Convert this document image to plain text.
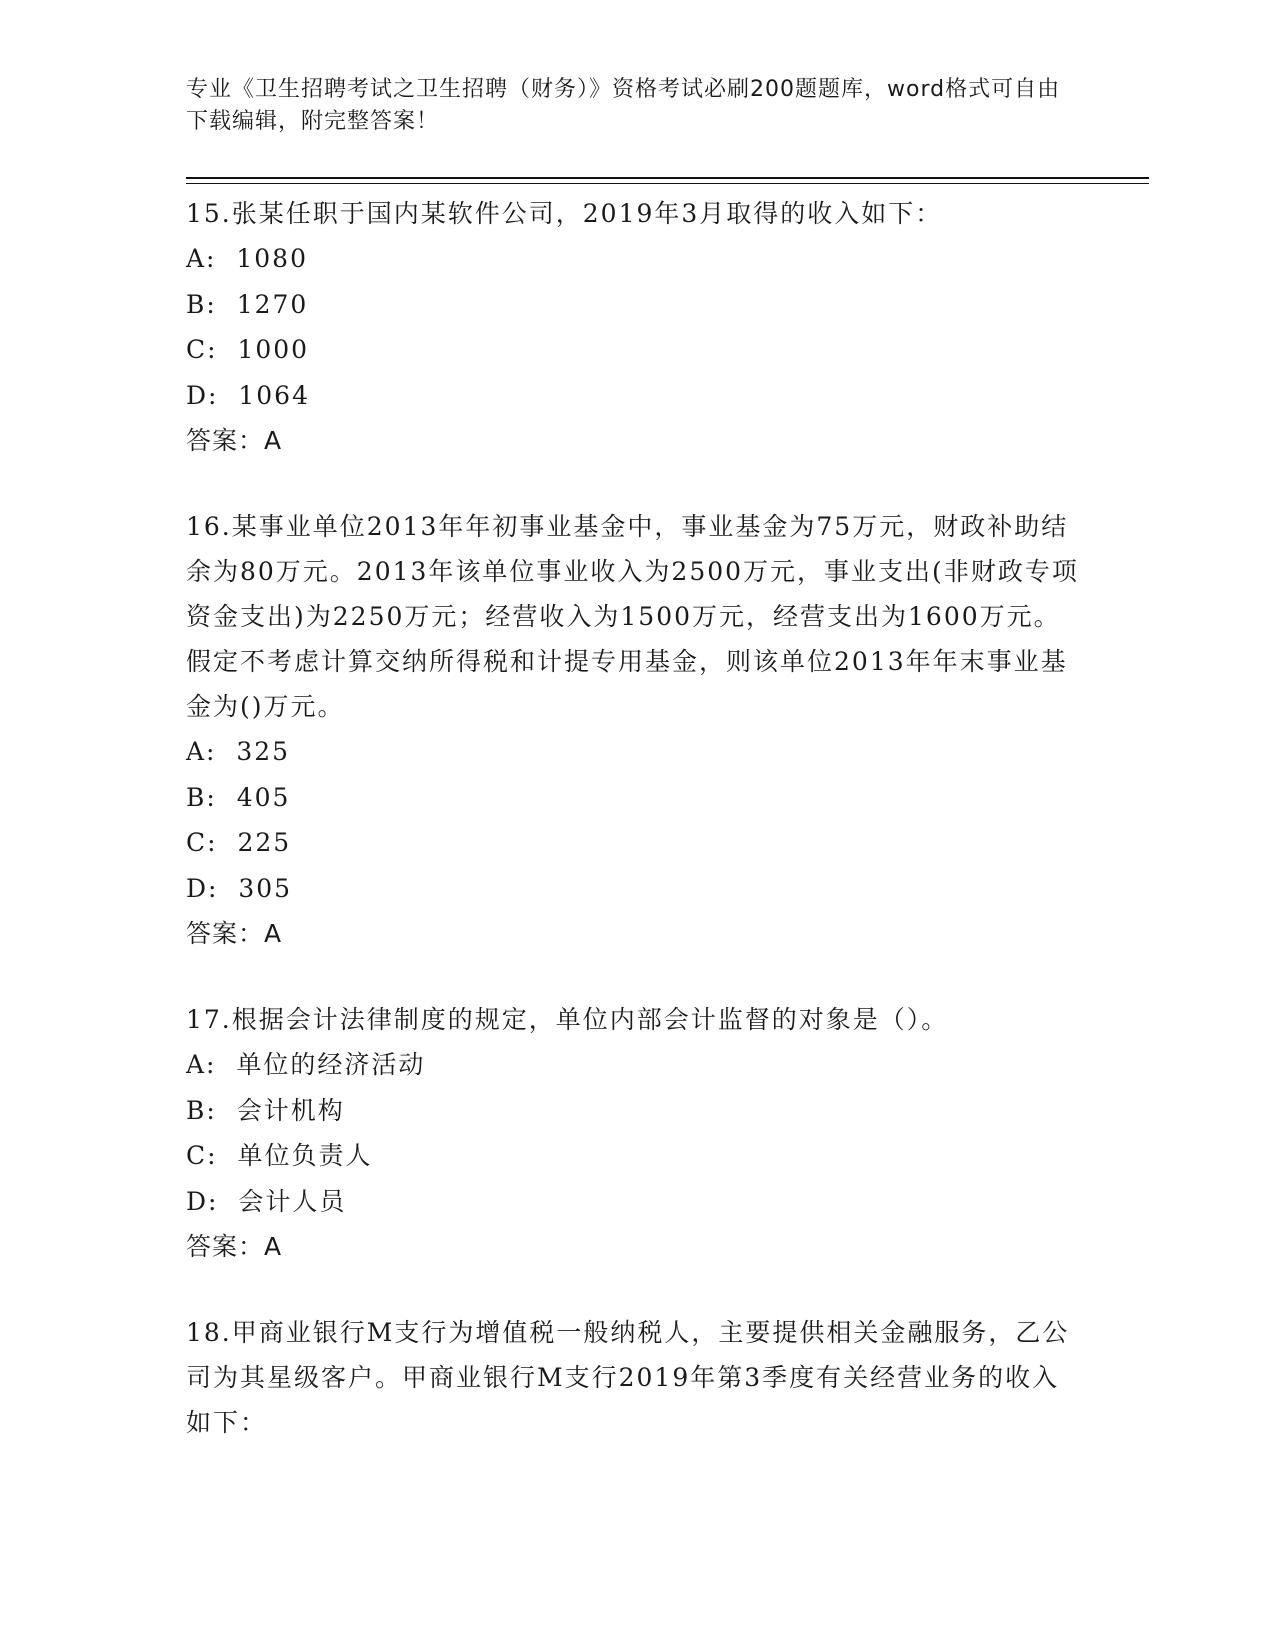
专业《卫生招聘考试之卫生招聘（财务）》资格考试必刷200题题库，word格式可自由下载编辑，附完整答案！

15.张某任职于国内某软件公司，2019年3月取得的收入如下：

A:  1080

B:  1270

C:  1000

D:  1064

答案：A

16.某事业单位2013年年初事业基金中，事业基金为75万元，财政补助结余为80万元。2013年该单位事业收入为2500万元，事业支出(非财政专项资金支出)为2250万元；经营收入为1500万元，经营支出为1600万元。假定不考虑计算交纳所得税和计提专用基金，则该单位2013年年末事业基金为()万元。

A:  325

B:  405

C:  225

D:  305

答案：A

17.根据会计法律制度的规定，单位内部会计监督的对象是（）。

A:  单位的经济活动

B:  会计机构

C:  单位负责人

D:  会计人员

答案：A

18.甲商业银行M支行为增值税一般纳税人，主要提供相关金融服务，乙公司为其星级客户。甲商业银行M支行2019年第3季度有关经营业务的收入如下：
